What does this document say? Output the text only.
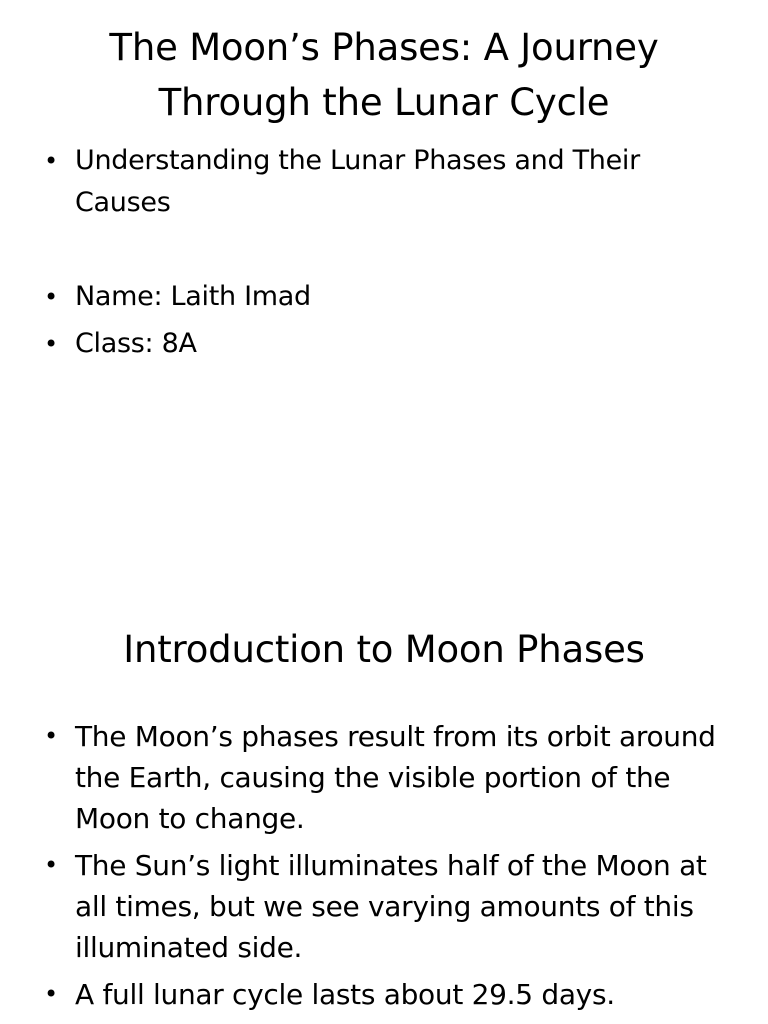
The Moon’s Phases: A Journey Through the Lunar Cycle
• Understanding the Lunar Phases and Their Causes
• Name: Laith Imad
• Class: 8A
Introduction to Moon Phases
• The Moon’s phases result from its orbit around the Earth, causing the visible portion of the Moon to change.
• The Sun’s light illuminates half of the Moon at all times, but we see varying amounts of this illuminated side.
• A full lunar cycle lasts about 29.5 days.
